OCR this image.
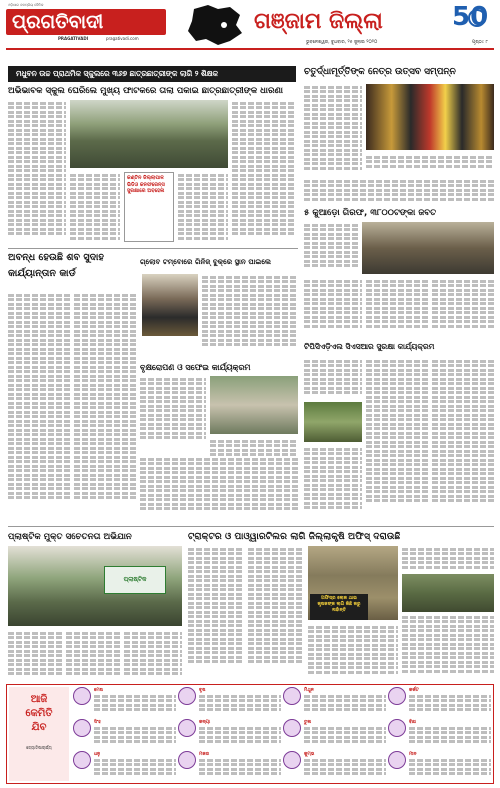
ଓଡ଼ିଶାର ଜନପ୍ରିୟ ଦୈନିକ
ପ୍ରଗତିବାଦୀ
PRAGATIVADI	pragativadi.com
ଗଞ୍ଜାମ ଜିଲ୍ଲା	50
ଭୁବନେଶ୍ୱର, ବୁଧବାର, ୨୫ ଜୁଲାଇ ୨୦୨୦	ପୃଷ୍ଠା: ୮
ମଧୁବନ ଉଚ୍ଚ ପ୍ରାଥମିକ ସ୍କୁଲରେ ୩୬୭ ଛାତ୍ରଛାତ୍ରୀଙ୍କ ଲାଗି ୨ ଶିକ୍ଷକ
ଅଭିଭାବକ ସ୍କୁଲ ଘେରିଲେ ମୁଖ୍ୟ ଫାଟକରେ ତାଲା ପକାଇ ଛାତ୍ରଛାତ୍ରୀଙ୍କ ଧାରଣା
କଣ୍ଟିନ ଜିଲ୍ଲାପାଳ ଭିଡିଓ କନଫରେନ୍ସ ସୁରକ୍ଷାରେ ଅବହେଳା
ଚତୁର୍ଦ୍ଧାମୂର୍ତ୍ତିଙ୍କ ନେତ୍ର ଉତ୍ସବ ସମ୍ପନ୍ନ
୫ କୁଆଡ଼ୋ ଗିରଫ, ୩୮୦୦ଟଙ୍କା ଜବତ
ଅବନ୍ଧ ହେଉଛି ଶବ ସୁଦାହ କାର୍ଯ୍ୟାନ୍ତାନ କାର୍ଡ
ଗ୍ଲୋବ ଟମ୍ବୋରେ ଗିନିଜ୍ ବୁକ୍‌ରେ ସ୍ଥାନ ପାଇଲେ
ବୃକ୍ଷରୋପଣ ଓ ସଫେଇ କାର୍ଯ୍ୟକ୍ରମ
ଟିପିସିଏଡ଼ିଏଲ ସିଏସଆର ସୁରକ୍ଷା କାର୍ଯ୍ୟକ୍ରମ
ପ୍ଲାଷ୍ଟିକ ମୁକ୍ତ ସଚେତନତା ଅଭିଯାନ
ପ୍ଲାଷ୍ଟିକ
ଟ୍ରାକ୍ଟର ଓ ପାଓ୍ୱାରଟିଲର ଲାଗି ଜିଲ୍ଲାକୃଷି ଅଫିସ୍ ଦରାଉଛି
ଅଫିସ୍‌ର ଲୋକ ଥାଇ କୃଷକଙ୍କ ଲାଗି କିଛି କରୁ ନାହାଁନ୍ତି
ଆଜି
କେମିତି
ଯିବ
ଜ୍ୟୋତିଷାଚାର୍ଯ୍ୟ
ମେଷ	ବୃଷ	ମିଥୁନ	କର୍କଟ
ସିଂହ	କନ୍ୟା	ତୁଳା	ବିଛା
ଧନୁ	ମକର	କୁମ୍ଭ	ମୀନ
